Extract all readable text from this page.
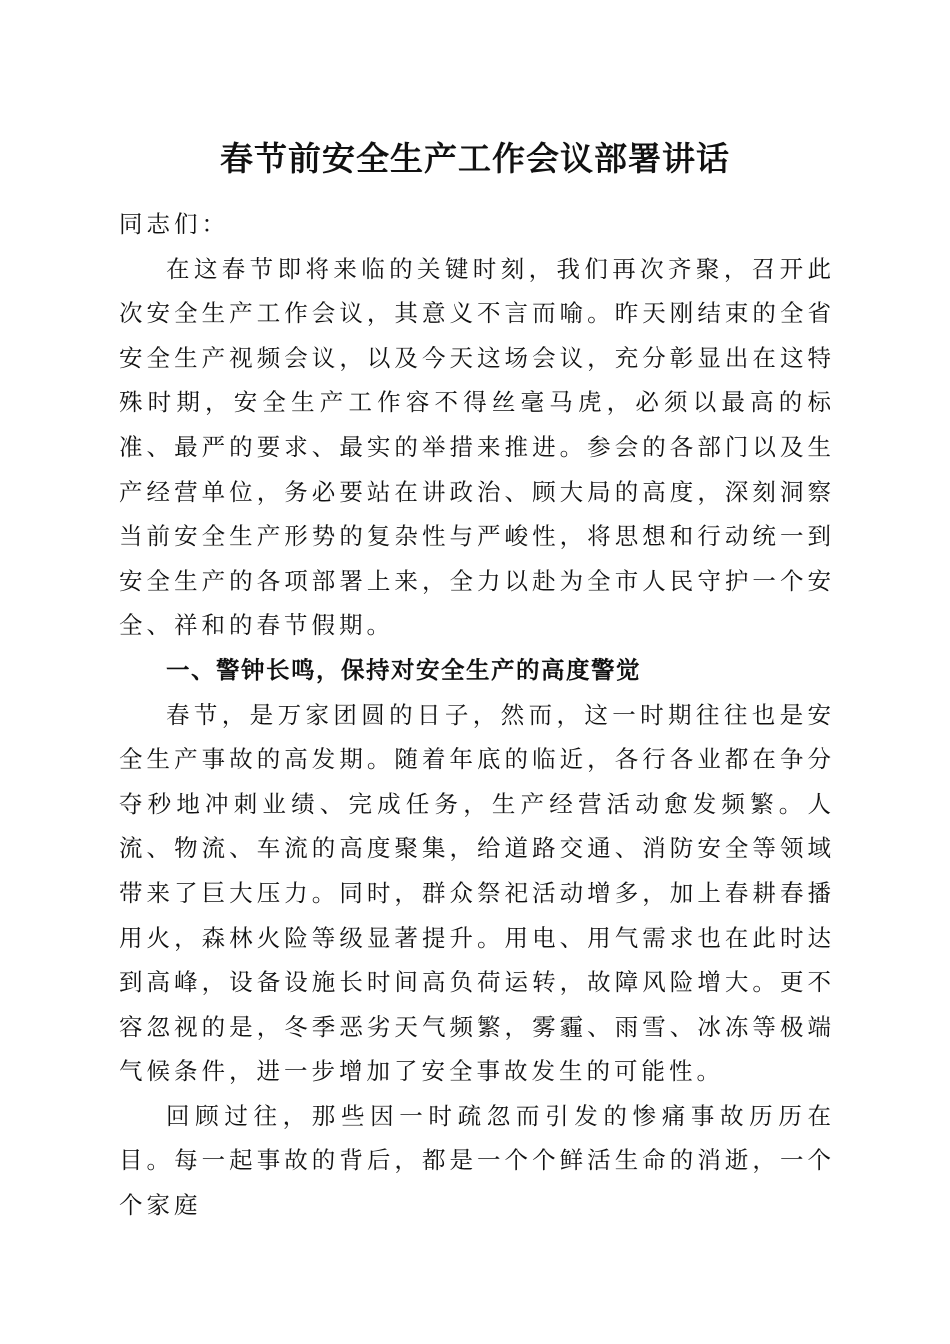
春节前安全生产工作会议部署讲话

同志们：

在这春节即将来临的关键时刻，我们再次齐聚，召开此次安全生产工作会议，其意义不言而喻。昨天刚结束的全省安全生产视频会议，以及今天这场会议，充分彰显出在这特殊时期，安全生产工作容不得丝毫马虎，必须以最高的标准、最严的要求、最实的举措来推进。参会的各部门以及生产经营单位，务必要站在讲政治、顾大局的高度，深刻洞察当前安全生产形势的复杂性与严峻性，将思想和行动统一到安全生产的各项部署上来，全力以赴为全市人民守护一个安全、祥和的春节假期。

一、警钟长鸣，保持对安全生产的高度警觉

春节，是万家团圆的日子，然而，这一时期往往也是安全生产事故的高发期。随着年底的临近，各行各业都在争分夺秒地冲刺业绩、完成任务，生产经营活动愈发频繁。人流、物流、车流的高度聚集，给道路交通、消防安全等领域带来了巨大压力。同时，群众祭祀活动增多，加上春耕春播用火，森林火险等级显著提升。用电、用气需求也在此时达到高峰，设备设施长时间高负荷运转，故障风险增大。更不容忽视的是，冬季恶劣天气频繁，雾霾、雨雪、冰冻等极端气候条件，进一步增加了安全事故发生的可能性。

回顾过往，那些因一时疏忽而引发的惨痛事故历历在目。每一起事故的背后，都是一个个鲜活生命的消逝，一个个家庭
